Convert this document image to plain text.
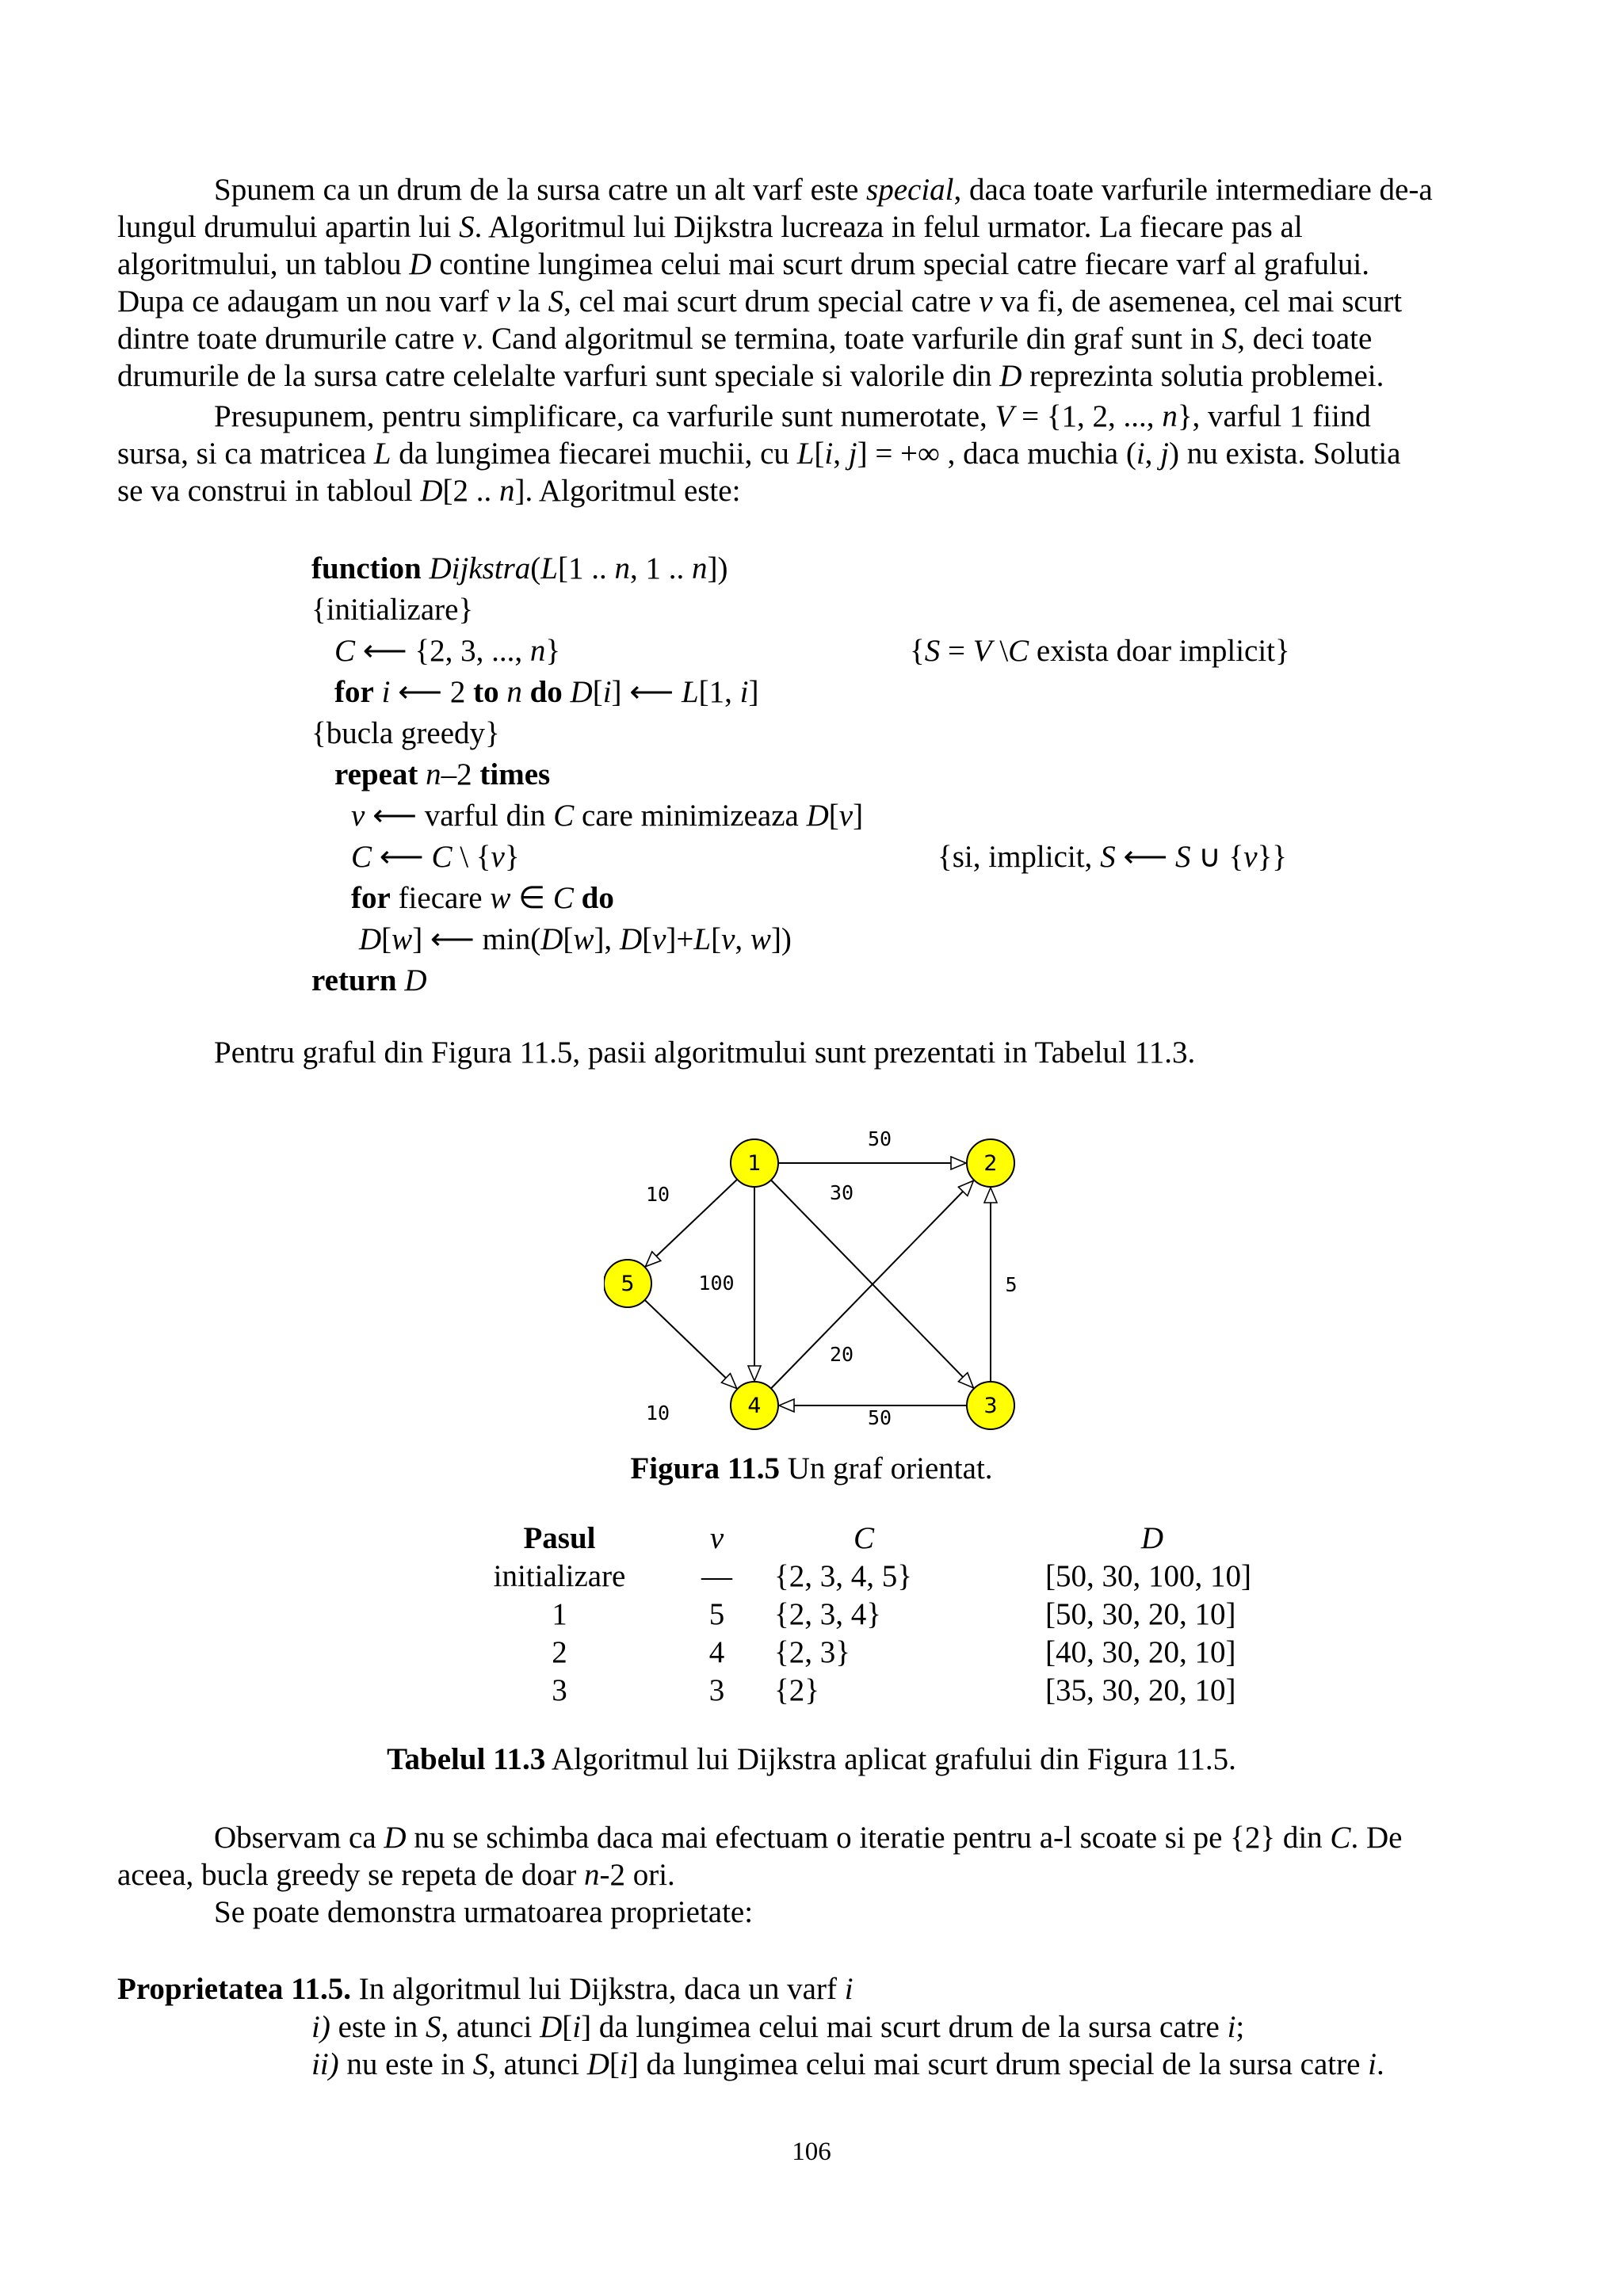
Spunem ca un drum de la sursa catre un alt varf este special, daca toate varfurile intermediare de-a
lungul drumului apartin lui S. Algoritmul lui Dijkstra lucreaza in felul urmator. La fiecare pas al
algoritmului, un tablou D contine lungimea celui mai scurt drum special catre fiecare varf al grafului.
Dupa ce adaugam un nou varf v la S, cel mai scurt drum special catre v va fi, de asemenea, cel mai scurt
dintre toate drumurile catre v. Cand algoritmul se termina, toate varfurile din graf sunt in S, deci toate
drumurile de la sursa catre celelalte varfuri sunt speciale si valorile din D reprezinta solutia problemei.
Presupunem, pentru simplificare, ca varfurile sunt numerotate, V = {1, 2, ..., n}, varful 1 fiind
sursa, si ca matricea L da lungimea fiecarei muchii, cu L[i, j] = +∞ , daca muchia (i, j) nu exista. Solutia
se va construi in tabloul D[2 .. n]. Algoritmul este:
function Dijkstra(L[1 .. n, 1 .. n])
{initializare}
C ⟵ {2, 3, ..., n}	{S = V \C exista doar implicit}
for i ⟵ 2 to n do D[i] ⟵ L[1, i]
{bucla greedy}
repeat n–2 times
v ⟵ varful din C care minimizeaza D[v]
C ⟵ C \ {v}	{si, implicit, S ⟵ S ∪ {v}}
for fiecare w ∈ C do
D[w] ⟵ min(D[w], D[v]+L[v, w])
return D
Pentru graful din Figura 11.5, pasii algoritmului sunt prezentati in Tabelul 11.3.
50
30
10
100	5
10
20
50
1	2
3
4
5
Figura 11.5 Un graf orientat.
Pasul	v	C	D
initializare	—	{2, 3, 4, 5}	[50, 30, 100, 10]
1	5	{2, 3, 4}	[50, 30, 20, 10]
2	4	{2, 3}	[40, 30, 20, 10]
3	3	{2}	[35, 30, 20, 10]
Tabelul 11.3 Algoritmul lui Dijkstra aplicat grafului din Figura 11.5.
Observam ca D nu se schimba daca mai efectuam o iteratie pentru a-l scoate si pe {2} din C. De
aceea, bucla greedy se repeta de doar n-2 ori.
Se poate demonstra urmatoarea proprietate:
Proprietatea 11.5. In algoritmul lui Dijkstra, daca un varf i
i) este in S, atunci D[i] da lungimea celui mai scurt drum de la sursa catre i;
ii) nu este in S, atunci D[i] da lungimea celui mai scurt drum special de la sursa catre i.
106
